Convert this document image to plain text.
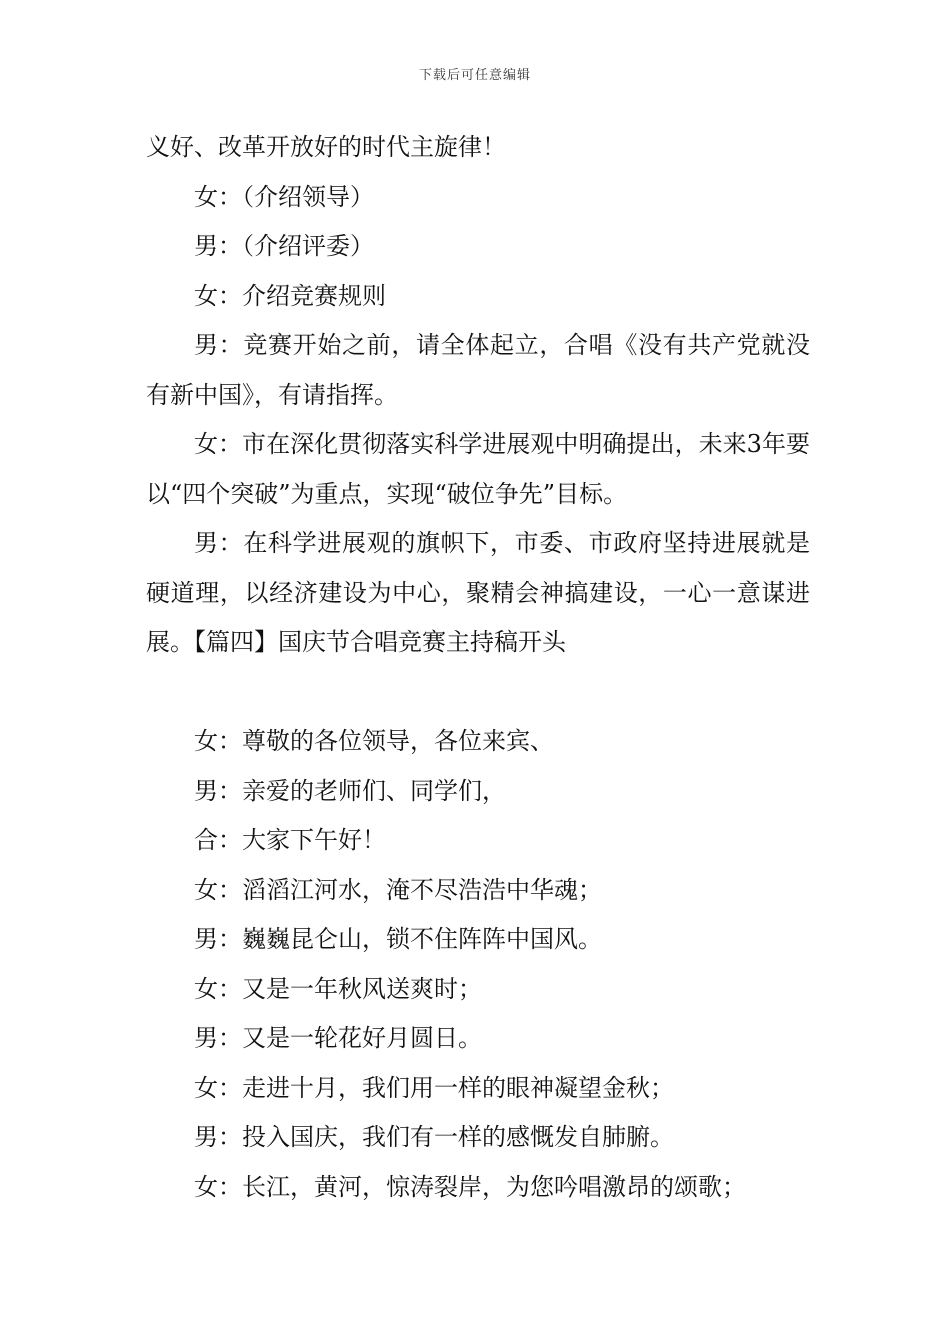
下载后可任意编辑

义好、改革开放好的时代主旋律！

女：（介绍领导）

男：（介绍评委）

女：介绍竞赛规则

男：竞赛开始之前，请全体起立，合唱《没有共产党就没有新中国》，有请指挥。

女：市在深化贯彻落实科学进展观中明确提出，未来3年要以“四个突破”为重点，实现“破位争先”目标。

男：在科学进展观的旗帜下，市委、市政府坚持进展就是硬道理，以经济建设为中心，聚精会神搞建设，一心一意谋进展。【篇四】国庆节合唱竞赛主持稿开头

女：尊敬的各位领导，各位来宾、

男：亲爱的老师们、同学们，

合：大家下午好！

女：滔滔江河水，淹不尽浩浩中华魂；

男：巍巍昆仑山，锁不住阵阵中国风。

女：又是一年秋风送爽时；

男：又是一轮花好月圆日。

女：走进十月，我们用一样的眼神凝望金秋；

男：投入国庆，我们有一样的感慨发自肺腑。

女：长江，黄河，惊涛裂岸，为您吟唱激昂的颂歌；
